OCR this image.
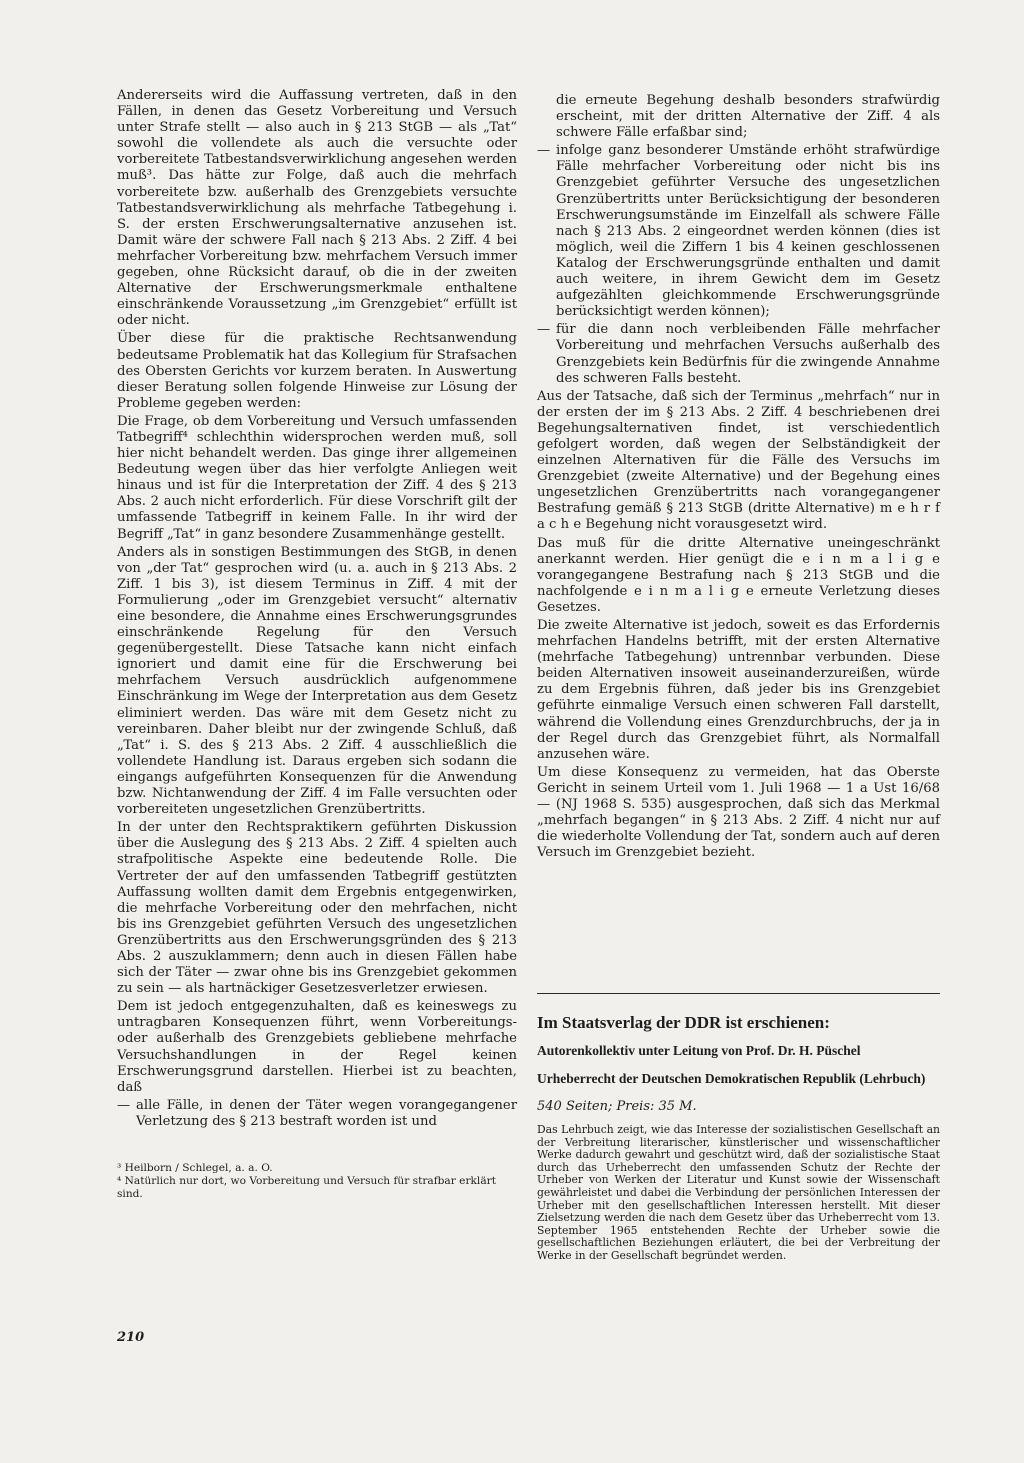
Andererseits wird die Auffassung vertreten, daß in den Fällen, in denen das Gesetz Vorbereitung und Versuch unter Strafe stellt — also auch in § 213 StGB — als „Tat“ sowohl die vollendete als auch die versuchte oder vorbereitete Tatbestandsverwirklichung angesehen werden muß³. Das hätte zur Folge, daß auch die mehrfach vorbereitete bzw. außerhalb des Grenzgebiets versuchte Tatbestandsverwirklichung als mehrfache Tatbegehung i. S. der ersten Erschwerungsalternative anzusehen ist. Damit wäre der schwere Fall nach § 213 Abs. 2 Ziff. 4 bei mehrfacher Vorbereitung bzw. mehrfachem Versuch immer gegeben, ohne Rücksicht darauf, ob die in der zweiten Alternative der Erschwerungsmerkmale enthaltene einschränkende Voraussetzung „im Grenzgebiet“ erfüllt ist oder nicht.

Über diese für die praktische Rechtsanwendung bedeutsame Problematik hat das Kollegium für Strafsachen des Obersten Gerichts vor kurzem beraten. In Auswertung dieser Beratung sollen folgende Hinweise zur Lösung der Probleme gegeben werden:

Die Frage, ob dem Vorbereitung und Versuch umfassenden Tatbegriff⁴ schlechthin widersprochen werden muß, soll hier nicht behandelt werden. Das ginge ihrer allgemeinen Bedeutung wegen über das hier verfolgte Anliegen weit hinaus und ist für die Interpretation der Ziff. 4 des § 213 Abs. 2 auch nicht erforderlich. Für diese Vorschrift gilt der umfassende Tatbegriff in keinem Falle. In ihr wird der Begriff „Tat“ in ganz besondere Zusammenhänge gestellt.

Anders als in sonstigen Bestimmungen des StGB, in denen von „der Tat“ gesprochen wird (u. a. auch in § 213 Abs. 2 Ziff. 1 bis 3), ist diesem Terminus in Ziff. 4 mit der Formulierung „oder im Grenzgebiet versucht“ alternativ eine besondere, die Annahme eines Erschwerungsgrundes einschränkende Regelung für den Versuch gegenübergestellt. Diese Tatsache kann nicht einfach ignoriert und damit eine für die Erschwerung bei mehrfachem Versuch ausdrücklich aufgenommene Einschränkung im Wege der Interpretation aus dem Gesetz eliminiert werden. Das wäre mit dem Gesetz nicht zu vereinbaren. Daher bleibt nur der zwingende Schluß, daß „Tat“ i. S. des § 213 Abs. 2 Ziff. 4 ausschließlich die vollendete Handlung ist. Daraus ergeben sich sodann die eingangs aufgeführten Konsequenzen für die Anwendung bzw. Nichtanwendung der Ziff. 4 im Falle versuchten oder vorbereiteten ungesetzlichen Grenzübertritts.

In der unter den Rechtspraktikern geführten Diskussion über die Auslegung des § 213 Abs. 2 Ziff. 4 spielten auch strafpolitische Aspekte eine bedeutende Rolle. Die Vertreter der auf den umfassenden Tatbegriff gestützten Auffassung wollten damit dem Ergebnis entgegenwirken, die mehrfache Vorbereitung oder den mehrfachen, nicht bis ins Grenzgebiet geführten Versuch des ungesetzlichen Grenzübertritts aus den Erschwerungsgründen des § 213 Abs. 2 auszuklammern; denn auch in diesen Fällen habe sich der Täter — zwar ohne bis ins Grenzgebiet gekommen zu sein — als hartnäckiger Gesetzesverletzer erwiesen.

Dem ist jedoch entgegenzuhalten, daß es keineswegs zu untragbaren Konsequenzen führt, wenn Vorbereitungs- oder außerhalb des Grenzgebiets gebliebene mehrfache Versuchshandlungen in der Regel keinen Erschwerungsgrund darstellen. Hierbei ist zu beachten, daß

— alle Fälle, in denen der Täter wegen vorangegangener Verletzung des § 213 bestraft worden ist und

³ Heilborn / Schlegel, a. a. O.
⁴ Natürlich nur dort, wo Vorbereitung und Versuch für strafbar erklärt sind.

die erneute Begehung deshalb besonders strafwürdig erscheint, mit der dritten Alternative der Ziff. 4 als schwere Fälle erfaßbar sind;

— infolge ganz besonderer Umstände erhöht strafwürdige Fälle mehrfacher Vorbereitung oder nicht bis ins Grenzgebiet geführter Versuche des ungesetzlichen Grenzübertritts unter Berücksichtigung der besonderen Erschwerungsumstände im Einzelfall als schwere Fälle nach § 213 Abs. 2 eingeordnet werden können (dies ist möglich, weil die Ziffern 1 bis 4 keinen geschlossenen Katalog der Erschwerungsgründe enthalten und damit auch weitere, in ihrem Gewicht dem im Gesetz aufgezählten gleichkommende Erschwerungsgründe berücksichtigt werden können);

— für die dann noch verbleibenden Fälle mehrfacher Vorbereitung und mehrfachen Versuchs außerhalb des Grenzgebiets kein Bedürfnis für die zwingende Annahme des schweren Falls besteht.

Aus der Tatsache, daß sich der Terminus „mehrfach“ nur in der ersten der im § 213 Abs. 2 Ziff. 4 beschriebenen drei Begehungsalternativen findet, ist verschiedentlich gefolgert worden, daß wegen der Selbständigkeit der einzelnen Alternativen für die Fälle des Versuchs im Grenzgebiet (zweite Alternative) und der Begehung eines ungesetzlichen Grenzübertritts nach vorangegangener Bestrafung gemäß § 213 StGB (dritte Alternative) m e h r f a c h e Begehung nicht vorausgesetzt wird.

Das muß für die dritte Alternative uneingeschränkt anerkannt werden. Hier genügt die e i n m a l i g e vorangegangene Bestrafung nach § 213 StGB und die nachfolgende e i n m a l i g e erneute Verletzung dieses Gesetzes.

Die zweite Alternative ist jedoch, soweit es das Erfordernis mehrfachen Handelns betrifft, mit der ersten Alternative (mehrfache Tatbegehung) untrennbar verbunden. Diese beiden Alternativen insoweit auseinanderzureißen, würde zu dem Ergebnis führen, daß jeder bis ins Grenzgebiet geführte einmalige Versuch einen schweren Fall darstellt, während die Vollendung eines Grenzdurchbruchs, der ja in der Regel durch das Grenzgebiet führt, als Normalfall anzusehen wäre.

Um diese Konsequenz zu vermeiden, hat das Oberste Gericht in seinem Urteil vom 1. Juli 1968 — 1 a Ust 16/68 — (NJ 1968 S. 535) ausgesprochen, daß sich das Merkmal „mehrfach begangen“ in § 213 Abs. 2 Ziff. 4 nicht nur auf die wiederholte Vollendung der Tat, sondern auch auf deren Versuch im Grenzgebiet bezieht.

Im Staatsverlag der DDR ist erschienen:
Autorenkollektiv unter Leitung von Prof. Dr. H. Püschel
Urheberrecht der Deutschen Demokratischen Republik (Lehrbuch)
540 Seiten; Preis: 35 M.

Das Lehrbuch zeigt, wie das Interesse der sozialistischen Gesellschaft an der Verbreitung literarischer, künstlerischer und wissenschaftlicher Werke dadurch gewahrt und geschützt wird, daß der sozialistische Staat durch das Urheberrecht den umfassenden Schutz der Rechte der Urheber von Werken der Literatur und Kunst sowie der Wissenschaft gewährleistet und dabei die Verbindung der persönlichen Interessen der Urheber mit den gesellschaftlichen Interessen herstellt. Mit dieser Zielsetzung werden die nach dem Gesetz über das Urheberrecht vom 13. September 1965 entstehenden Rechte der Urheber sowie die gesellschaftlichen Beziehungen erläutert, die bei der Verbreitung der Werke in der Gesellschaft begründet werden.

210
